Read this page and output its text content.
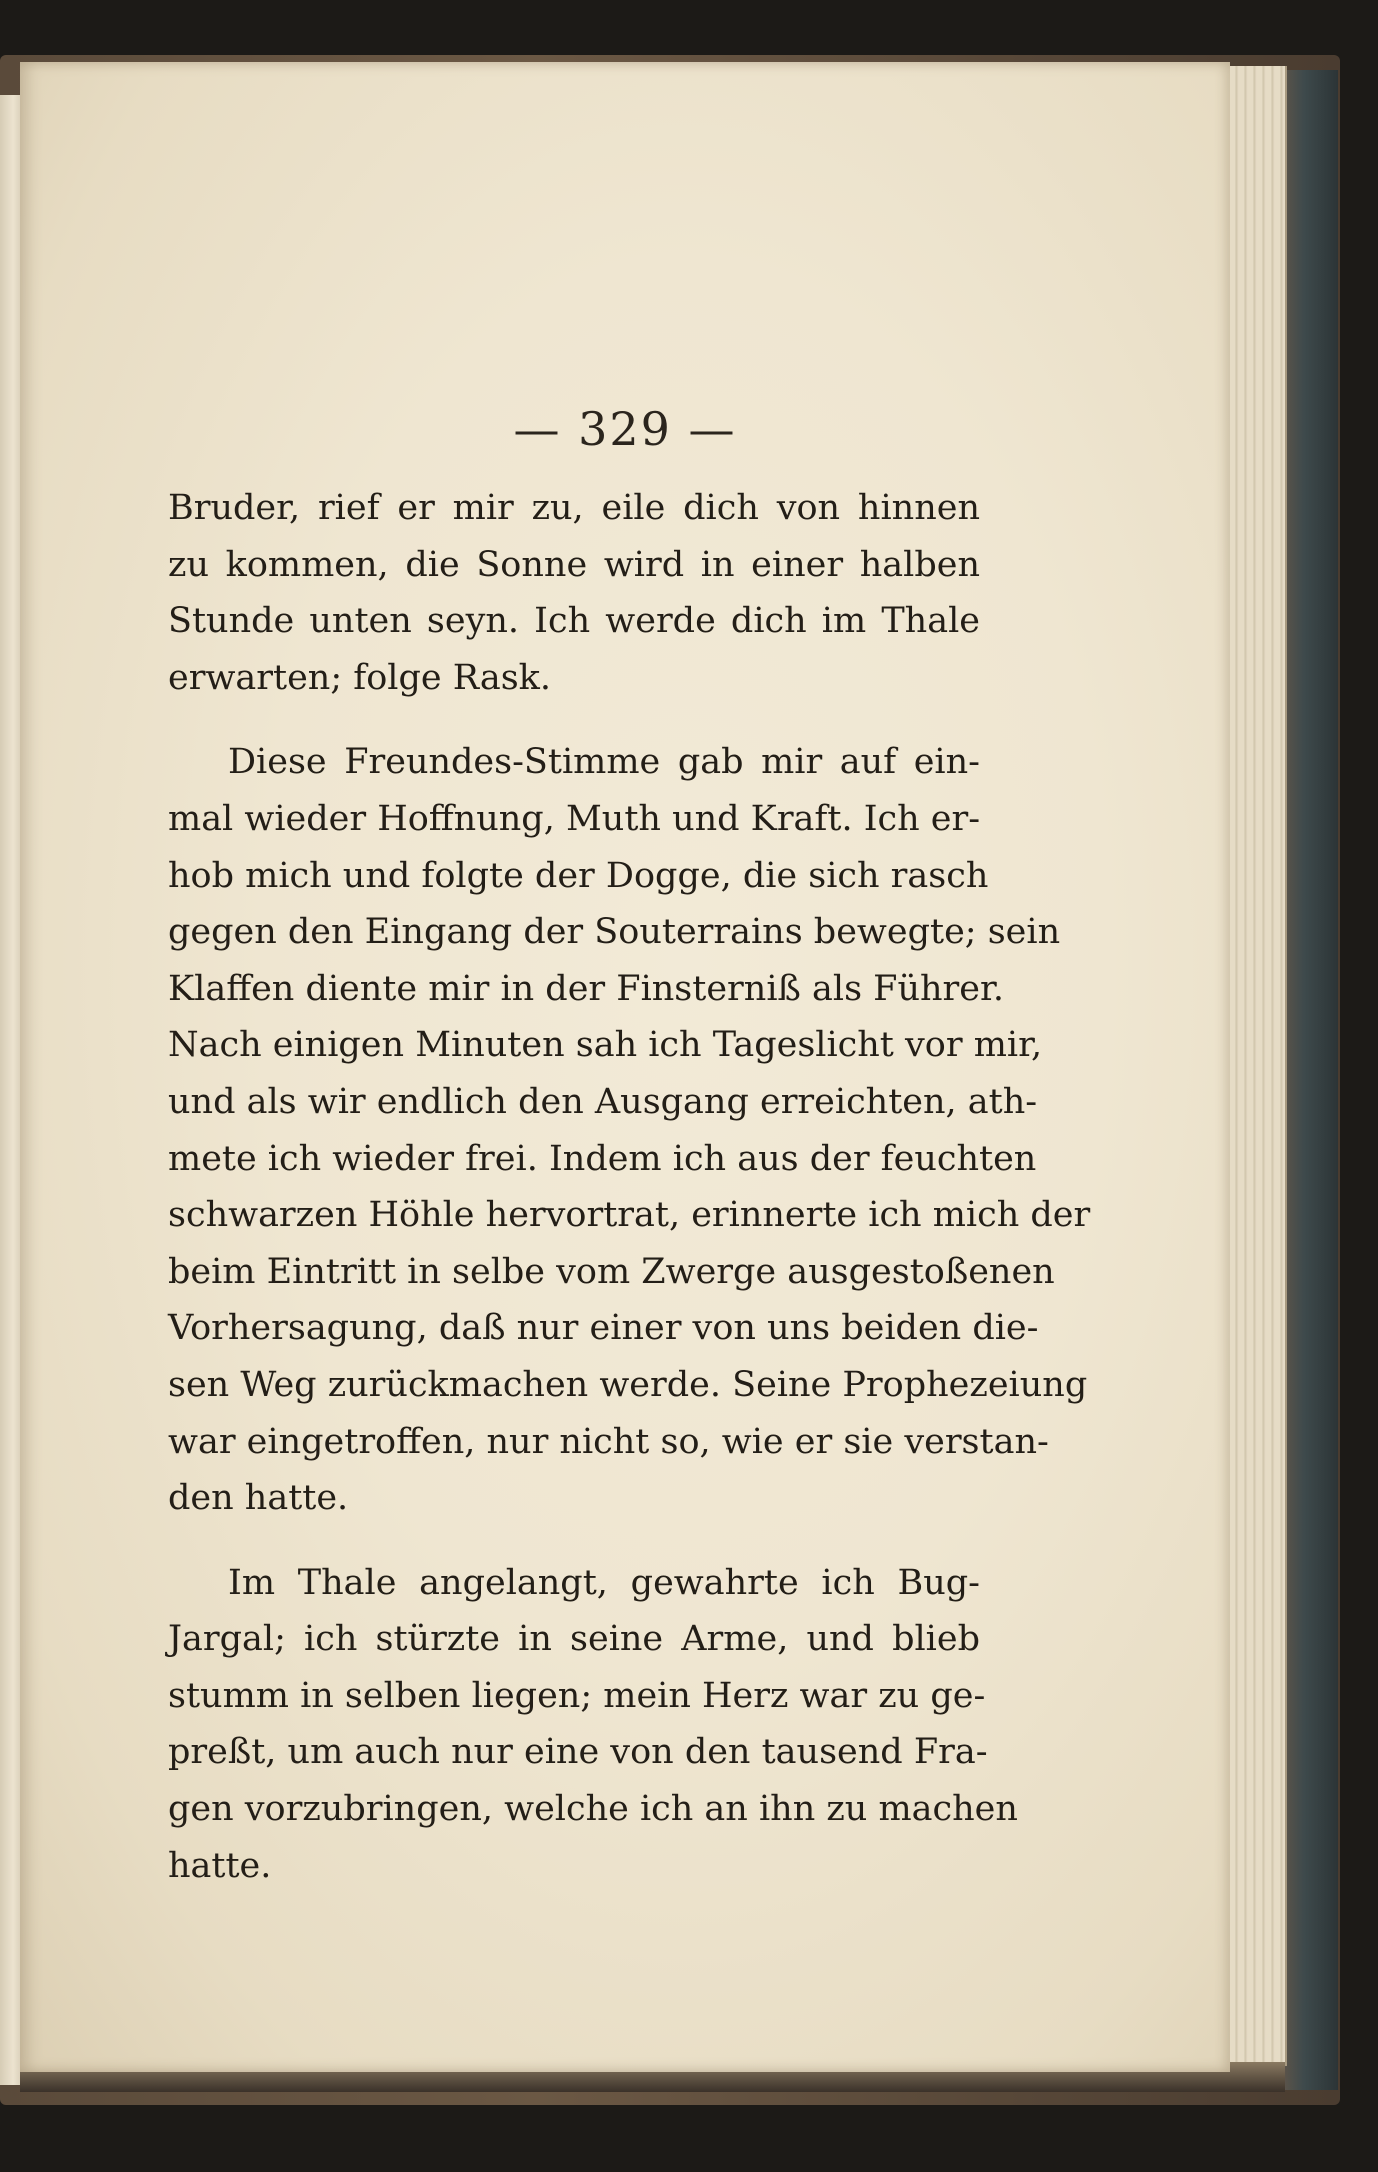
— 329 —
Bruder, rief er mir zu, eile dich von hinnen
zu kommen, die Sonne wird in einer halben
Stunde unten seyn. Ich werde dich im Thale
erwarten; folge Rask.
Diese Freundes-Stimme gab mir auf ein-
mal wieder Hoffnung, Muth und Kraft. Ich er-
hob mich und folgte der Dogge, die sich rasch
gegen den Eingang der Souterrains bewegte; sein
Klaffen diente mir in der Finsterniß als Führer.
Nach einigen Minuten sah ich Tageslicht vor mir,
und als wir endlich den Ausgang erreichten, ath-
mete ich wieder frei. Indem ich aus der feuchten
schwarzen Höhle hervortrat, erinnerte ich mich der
beim Eintritt in selbe vom Zwerge ausgestoßenen
Vorhersagung, daß nur einer von uns beiden die-
sen Weg zurückmachen werde. Seine Prophezeiung
war eingetroffen, nur nicht so, wie er sie verstan-
den hatte.
Im Thale angelangt, gewahrte ich Bug-
Jargal; ich stürzte in seine Arme, und blieb
stumm in selben liegen; mein Herz war zu ge-
preßt, um auch nur eine von den tausend Fra-
gen vorzubringen, welche ich an ihn zu machen
hatte.
